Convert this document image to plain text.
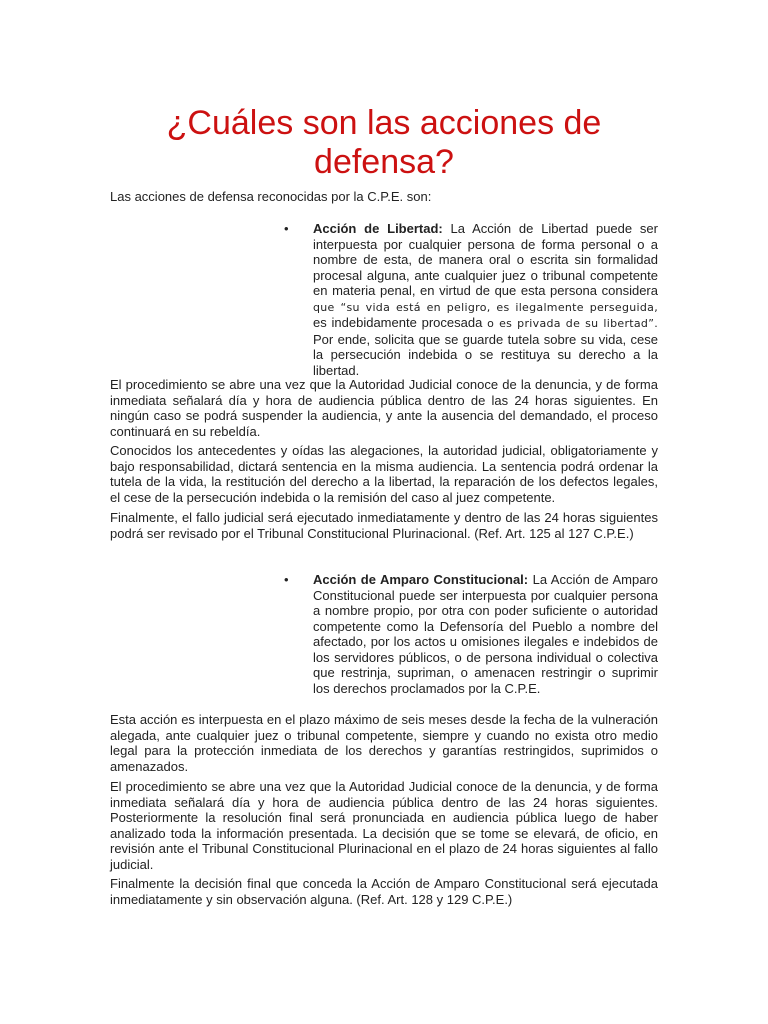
¿Cuáles son las acciones de defensa?

Las acciones de defensa reconocidas por la C.P.E. son:

• Acción de Libertad: La Acción de Libertad puede ser interpuesta por cualquier persona de forma personal o a nombre de esta, de manera oral o escrita sin formalidad procesal alguna, ante cualquier juez o tribunal competente en materia penal, en virtud de que esta persona considera que “su vida está en peligro, es ilegalmente perseguida, es indebidamente procesada o es privada de su libertad”. Por ende, solicita que se guarde tutela sobre su vida, cese la persecución indebida o se restituya su derecho a la libertad.

El procedimiento se abre una vez que la Autoridad Judicial conoce de la denuncia, y de forma inmediata señalará día y hora de audiencia pública dentro de las 24 horas siguientes. En ningún caso se podrá suspender la audiencia, y ante la ausencia del demandado, el proceso continuará en su rebeldía.

Conocidos los antecedentes y oídas las alegaciones, la autoridad judicial, obligatoriamente y bajo responsabilidad, dictará sentencia en la misma audiencia. La sentencia podrá ordenar la tutela de la vida, la restitución del derecho a la libertad, la reparación de los defectos legales, el cese de la persecución indebida o la remisión del caso al juez competente.

Finalmente, el fallo judicial será ejecutado inmediatamente y dentro de las 24 horas siguientes podrá ser revisado por el Tribunal Constitucional Plurinacional. (Ref. Art. 125 al 127 C.P.E.)

• Acción de Amparo Constitucional: La Acción de Amparo Constitucional puede ser interpuesta por cualquier persona a nombre propio, por otra con poder suficiente o autoridad competente como la Defensoría del Pueblo a nombre del afectado, por los actos u omisiones ilegales e indebidos de los servidores públicos, o de persona individual o colectiva que restrinja, supriman, o amenacen restringir o suprimir los derechos proclamados por la C.P.E.

Esta acción es interpuesta en el plazo máximo de seis meses desde la fecha de la vulneración alegada, ante cualquier juez o tribunal competente, siempre y cuando no exista otro medio legal para la protección inmediata de los derechos y garantías restringidos, suprimidos o amenazados.

El procedimiento se abre una vez que la Autoridad Judicial conoce de la denuncia, y de forma inmediata señalará día y hora de audiencia pública dentro de las 24 horas siguientes. Posteriormente la resolución final será pronunciada en audiencia pública luego de haber analizado toda la información presentada. La decisión que se tome se elevará, de oficio, en revisión ante el Tribunal Constitucional Plurinacional en el plazo de 24 horas siguientes al fallo judicial.

Finalmente la decisión final que conceda la Acción de Amparo Constitucional será ejecutada inmediatamente y sin observación alguna. (Ref. Art. 128 y 129 C.P.E.)
